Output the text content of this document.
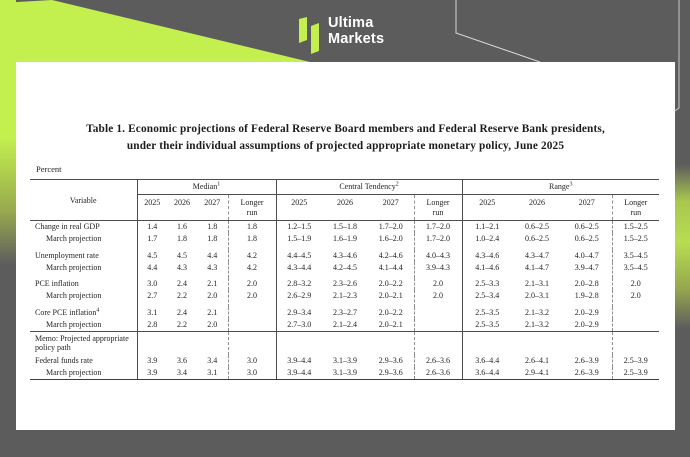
Ultima
Markets
Table 1. Economic projections of Federal Reserve Board members and Federal Reserve Bank presidents,
under their individual assumptions of projected appropriate monetary policy, June 2025
Percent
Variable	Median$^1$				Central Tendency$^2$				Range$^3$
	2025	2026	2027	Longer run	2025	2026	2027	Longer run	2025	2026	2027	Longer run
Change in real GDP	1.4	1.6	1.8	1.8	1.2–1.5	1.5–1.8	1.7–2.0	1.7–2.0	1.1–2.1	0.6–2.5	0.6–2.5	1.5–2.5
March projection	1.7	1.8	1.8	1.8	1.5–1.9	1.6–1.9	1.6–2.0	1.7–2.0	1.0–2.4	0.6–2.5	0.6–2.5	1.5–2.5
Unemployment rate	4.5	4.5	4.4	4.2	4.4–4.5	4.3–4.6	4.2–4.6	4.0–4.3	4.3–4.6	4.3–4.7	4.0–4.7	3.5–4.5
March projection	4.4	4.3	4.3	4.2	4.3–4.4	4.2–4.5	4.1–4.4	3.9–4.3	4.1–4.6	4.1–4.7	3.9–4.7	3.5–4.5
PCE inflation	3.0	2.4	2.1	2.0	2.8–3.2	2.3–2.6	2.0–2.2	2.0	2.5–3.3	2.1–3.1	2.0–2.8	2.0
March projection	2.7	2.2	2.0	2.0	2.6–2.9	2.1–2.3	2.0–2.1	2.0	2.5–3.4	2.0–3.1	1.9–2.8	2.0
Core PCE inflation$^4$	3.1	2.4	2.1		2.9–3.4	2.3–2.7	2.0–2.2		2.5–3.5	2.1–3.2	2.0–2.9	
March projection	2.8	2.2	2.0		2.7–3.0	2.1–2.4	2.0–2.1		2.5–3.5	2.1–3.2	2.0–2.9	
Memo: Projected appropriate policy path												
Federal funds rate	3.9	3.6	3.4	3.0	3.9–4.4	3.1–3.9	2.9–3.6	2.6–3.6	3.6–4.4	2.6–4.1	2.6–3.9	2.5–3.9
March projection	3.9	3.4	3.1	3.0	3.9–4.4	3.1–3.9	2.9–3.6	2.6–3.6	3.6–4.4	2.9–4.1	2.6–3.9	2.5–3.9
